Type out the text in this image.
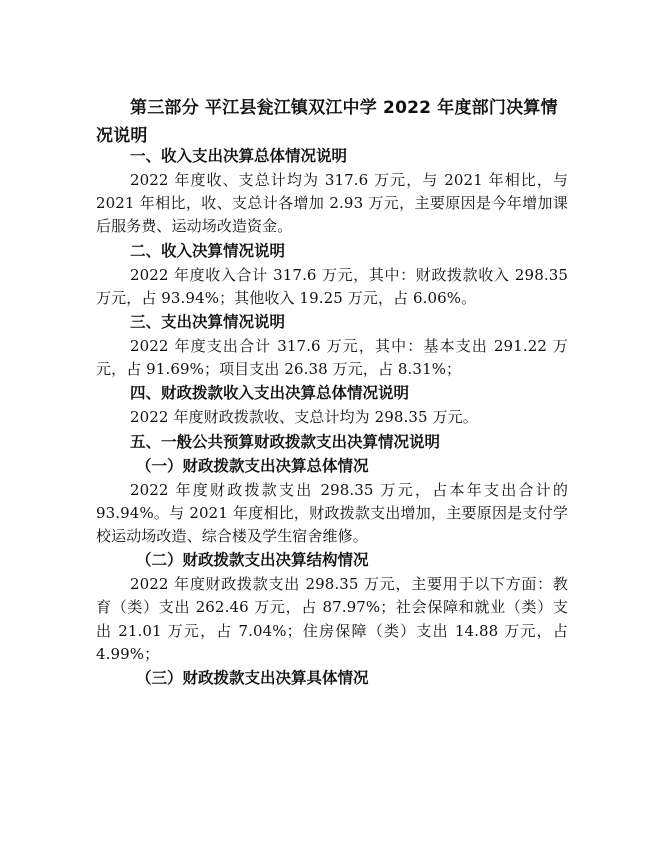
第三部分 平江县瓮江镇双江中学 2022 年度部门决算情况说明
一、收入支出决算总体情况说明
2022 年度收、支总计均为 317.6 万元，与 2021 年相比，与 2021 年相比，收、支总计各增加 2.93 万元，主要原因是今年增加课后服务费、运动场改造资金。
二、收入决算情况说明
2022 年度收入合计 317.6 万元，其中：财政拨款收入 298.35 万元，占 93.94%；其他收入 19.25 万元，占 6.06%。
三、支出决算情况说明
2022 年度支出合计 317.6 万元，其中：基本支出 291.22 万元，占 91.69%；项目支出 26.38 万元，占 8.31%；
四、财政拨款收入支出决算总体情况说明
2022 年度财政拨款收、支总计均为 298.35 万元。
五、一般公共预算财政拨款支出决算情况说明
（一）财政拨款支出决算总体情况
2022 年度财政拨款支出 298.35 万元，占本年支出合计的 93.94%。与 2021 年度相比，财政拨款支出增加，主要原因是支付学校运动场改造、综合楼及学生宿舍维修。
（二）财政拨款支出决算结构情况
2022 年度财政拨款支出 298.35 万元，主要用于以下方面：教育（类）支出 262.46 万元，占 87.97%；社会保障和就业（类）支出 21.01 万元，占 7.04%；住房保障（类）支出 14.88 万元，占 4.99%；
（三）财政拨款支出决算具体情况
